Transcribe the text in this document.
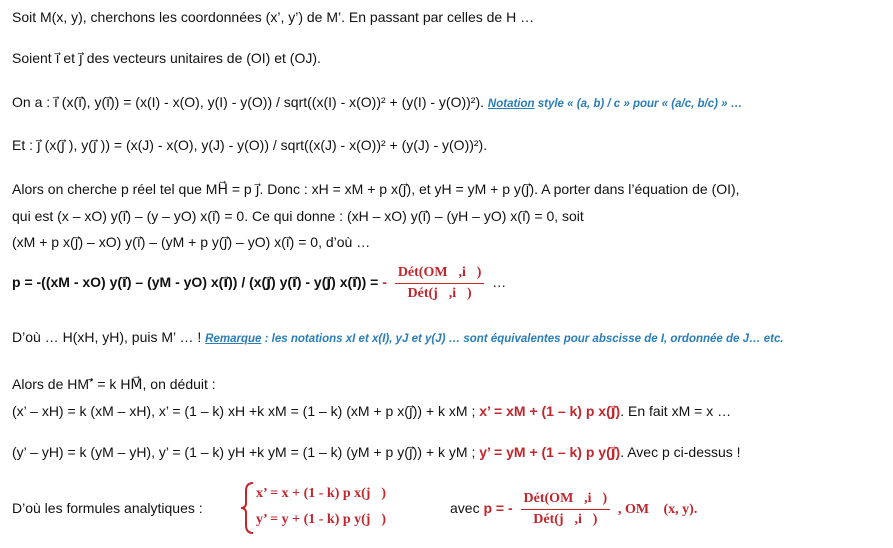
Soit M(x, y), cherchons les coordonnées (x’, y’) de M’. En passant par celles de H …
Soient i⃗ et j⃗ des vecteurs unitaires de (OI) et (OJ).
On a : i⃗ (x(i⃗), y(i⃗)) = (x(I) - x(O), y(I) - y(O)) / sqrt((x(I) - x(O))² + (y(I) - y(O))²). Notation style « (a, b) / c » pour « (a/c, b/c) » …
Et : j⃗ (x(j⃗ ), y(j⃗ )) = (x(J) - x(O), y(J) - y(O)) / sqrt((x(J) - x(O))² + (y(J) - y(O))²).
Alors on cherche p réel tel que MH⃗ = p j⃗. Donc : xH = xM + p x(j⃗), et yH = yM + p y(j⃗). A porter dans l’équation de (OI),
qui est (x – xO) y(i⃗) – (y – yO) x(i⃗) = 0. Ce qui donne : (xH – xO) y(i⃗) – (yH – yO) x(i⃗) = 0, soit
(xM + p x(j⃗) – xO) y(i⃗) – (yM + p y(j⃗) – yO) x(i⃗) = 0, d’où …
p = -((xM - xO) y(i⃗) – (yM - yO) x(i⃗)) / (x(j⃗) y(i⃗) - y(j⃗) x(i⃗)) = - $\frac{\text{Dét(OM⃗,i⃗)}}{\text{Dét(j⃗,i⃗)}}$ …
D’où … H(xH, yH), puis M’ … ! Remarque : les notations xI et x(I), yJ et y(J) … sont équivalentes pour abscisse de I, ordonnée de J… etc.
Alors de HM’⃗ = k HM⃗, on déduit :
(x’ – xH) = k (xM – xH), x’ = (1 – k) xH +k xM = (1 – k) (xM + p x(j⃗)) + k xM ; x’ = xM + (1 – k) p x(j⃗). En fait xM = x …
(y’ – yH) = k (yM – yH), y’ = (1 – k) yH +k yM = (1 – k) (yM + p y(j⃗)) + k yM ; y’ = yM + (1 – k) p y(j⃗). Avec p ci-dessus !
D’où les formules analytiques :
x’ = x + (1 - k) p x(j⃗)
y’ = y + (1 - k) p y(j⃗)
avec p = - $\frac{\text{Dét(OM⃗,i⃗)}}{\text{Dét(j⃗,i⃗)}}$ , OM⃗ (x, y).
